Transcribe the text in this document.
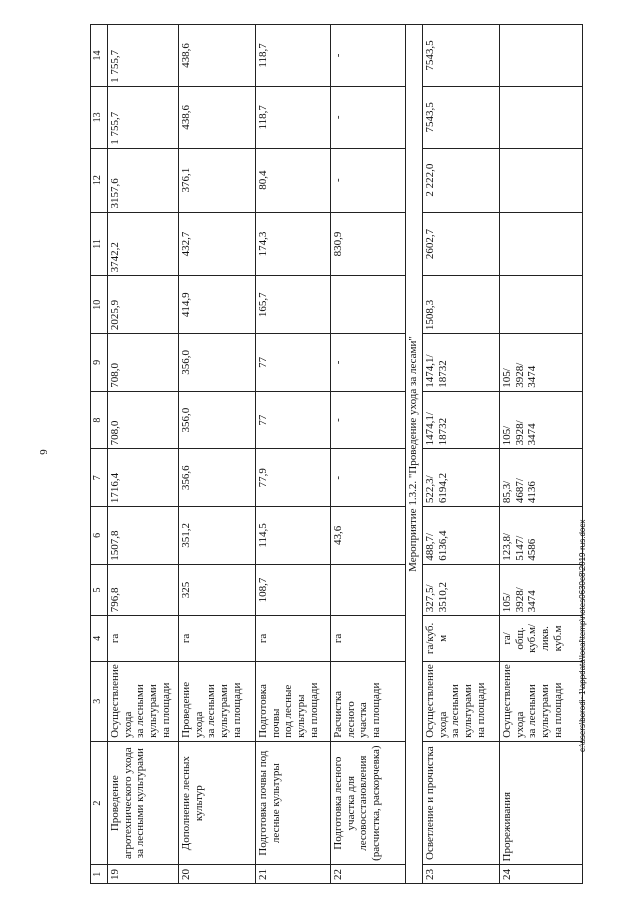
6
1	2	3	4	5	6	7	8	9	10	11	12	13	14
19	Проведение агротехнического ухода за лесными культурами	Осуществление
ухода
за лесными
культурами
на площади	га	796,8	1507,8	1716,4	708,0	708,0	2025,9	3742,2	3157,6	1 755,7	1 755,7
20	Дополнение лесных культур	Проведение
ухода
за лесными
культурами
на площади	га	325	351,2	356,6	356,0	356,0	414,9	432,7	376,1	438,6	438,6
21	Подготовка почвы под лесные культуры	Подготовка
почвы
под лесные
культуры
на площади	га	108,7	114,5	77,9	77	77	165,7	174,3	80,4	118,7	118,7
22	Подготовка лесного участка для лесовосстановления (расчистка, раскорчевка)	Расчистка
лесного
участка
на площади	га		43,6	-	-	-		830,9	-	-	-
Мероприятие 1.3.2. "Проведение ухода за лесами"													
23	Осветление и прочистка	Осуществление
ухода
за лесными
культурами
на площади	га/куб. м	327,5/
3510,2	488,7/
6136,4	522,3/
6194,2	1474,1/
18732	1474,1/
18732	1508,3	2602,7	2 222,0	7543,5	7543,5
24	Прореживания	Осуществление
ухода
за лесными
культурами
на площади	га/
общ.
куб.м/
ликв.
куб.м	105/
3928/
3474	123,8/
5147/
4586	85,3/
4687/
4136	105/
3928/
3474	105/
3928/
3474					
c:\users\borodi~1\appdata\local\temp\notes0630c8\2019-rus.docx
